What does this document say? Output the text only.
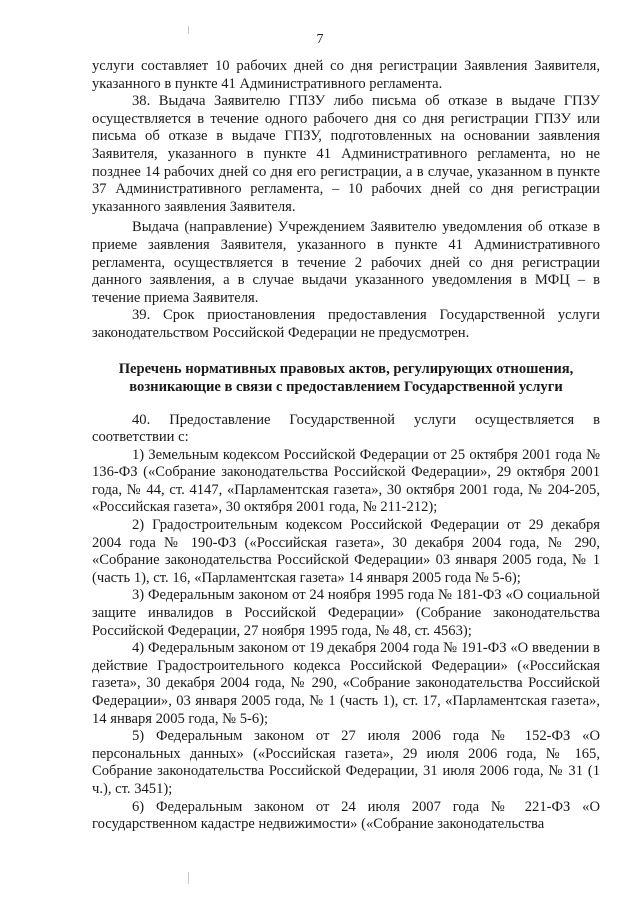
7

услуги составляет 10 рабочих дней со дня регистрации Заявления Заявителя, указанного в пункте 41 Административного регламента.

38. Выдача Заявителю ГПЗУ либо письма об отказе в выдаче ГПЗУ осуществляется в течение одного рабочего дня со дня регистрации ГПЗУ или письма об отказе в выдаче ГПЗУ, подготовленных на основании заявления Заявителя, указанного в пункте 41 Административного регламента, но не позднее 14 рабочих дней со дня его регистрации, а в случае, указанном в пункте 37 Административного регламента, – 10 рабочих дней со дня регистрации указанного заявления Заявителя.

Выдача (направление) Учреждением Заявителю уведомления об отказе в приеме заявления Заявителя, указанного в пункте 41 Административного регламента, осуществляется в течение 2 рабочих дней со дня регистрации данного заявления, а в случае выдачи указанного уведомления в МФЦ – в течение приема Заявителя.

39. Срок приостановления предоставления Государственной услуги законодательством Российской Федерации не предусмотрен.

Перечень нормативных правовых актов, регулирующих отношения, возникающие в связи с предоставлением Государственной услуги

40. Предоставление Государственной услуги осуществляется в соответствии с:

1) Земельным кодексом Российской Федерации от 25 октября 2001 года № 136-ФЗ («Собрание законодательства Российской Федерации», 29 октября 2001 года, № 44, ст. 4147, «Парламентская газета», 30 октября 2001 года, № 204-205, «Российская газета», 30 октября 2001 года, № 211-212);

2) Градостроительным кодексом Российской Федерации от 29 декабря 2004 года № 190-ФЗ («Российская газета», 30 декабря 2004 года, № 290, «Собрание законодательства Российской Федерации» 03 января 2005 года, № 1 (часть 1), ст. 16, «Парламентская газета» 14 января 2005 года № 5-6);

3) Федеральным законом от 24 ноября 1995 года № 181-ФЗ «О социальной защите инвалидов в Российской Федерации» (Собрание законодательства Российской Федерации, 27 ноября 1995 года, № 48, ст. 4563);

4) Федеральным законом от 19 декабря 2004 года № 191-ФЗ «О введении в действие Градостроительного кодекса Российской Федерации» («Российская газета», 30 декабря 2004 года, № 290, «Собрание законодательства Российской Федерации», 03 января 2005 года, № 1 (часть 1), ст. 17, «Парламентская газета», 14 января 2005 года, № 5-6);

5) Федеральным законом от 27 июля 2006 года № 152-ФЗ «О персональных данных» («Российская газета», 29 июля 2006 года, № 165, Собрание законодательства Российской Федерации, 31 июля 2006 года, № 31 (1 ч.), ст. 3451);

6) Федеральным законом от 24 июля 2007 года № 221-ФЗ «О государственном кадастре недвижимости» («Собрание законодательства
